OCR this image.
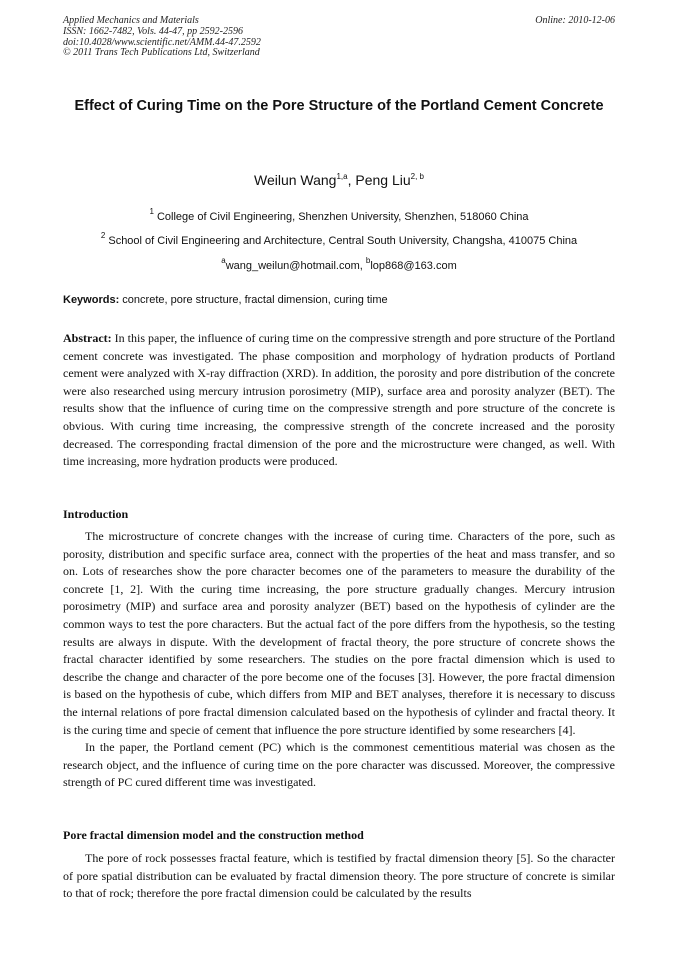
Applied Mechanics and Materials
ISSN: 1662-7482, Vols. 44-47, pp 2592-2596
doi:10.4028/www.scientific.net/AMM.44-47.2592
© 2011 Trans Tech Publications Ltd, Switzerland
Online: 2010-12-06
Effect of Curing Time on the Pore Structure of the Portland Cement Concrete
Weilun Wang$^{1,a}$, Peng Liu$^{2, b}$
$^1$ College of Civil Engineering, Shenzhen University, Shenzhen, 518060 China
$^2$ School of Civil Engineering and Architecture, Central South University, Changsha, 410075 China
$^a$wang_weilun@hotmail.com, $^b$lop868@163.com
Keywords: concrete, pore structure, fractal dimension, curing time

Abstract: In this paper, the influence of curing time on the compressive strength and pore structure of the Portland cement concrete was investigated. The phase composition and morphology of hydration products of Portland cement were analyzed with X-ray diffraction (XRD). In addition, the porosity and pore distribution of the concrete were also researched using mercury intrusion porosimetry (MIP), surface area and porosity analyzer (BET). The results show that the influence of curing time on the compressive strength and pore structure of the concrete is obvious. With curing time increasing, the compressive strength of the concrete increased and the porosity decreased. The corresponding fractal dimension of the pore and the microstructure were changed, as well. With time increasing, more hydration products were produced.

Introduction

The microstructure of concrete changes with the increase of curing time. Characters of the pore, such as porosity, distribution and specific surface area, connect with the properties of the heat and mass transfer, and so on. Lots of researches show the pore character becomes one of the parameters to measure the durability of the concrete [1, 2]. With the curing time increasing, the pore structure gradually changes. Mercury intrusion porosimetry (MIP) and surface area and porosity analyzer (BET) based on the hypothesis of cylinder are the common ways to test the pore characters. But the actual fact of the pore differs from the hypothesis, so the testing results are always in dispute. With the development of fractal theory, the pore structure of concrete shows the fractal character identified by some researchers. The studies on the pore fractal dimension which is used to describe the change and character of the pore become one of the focuses [3]. However, the pore fractal dimension is based on the hypothesis of cube, which differs from MIP and BET analyses, therefore it is necessary to discuss the internal relations of pore fractal dimension calculated based on the hypothesis of cylinder and fractal theory. It is the curing time and specie of cement that influence the pore structure identified by some researchers [4].

In the paper, the Portland cement (PC) which is the commonest cementitious material was chosen as the research object, and the influence of curing time on the pore character was discussed. Moreover, the compressive strength of PC cured different time was investigated.

Pore fractal dimension model and the construction method

The pore of rock possesses fractal feature, which is testified by fractal dimension theory [5]. So the character of pore spatial distribution can be evaluated by fractal dimension theory. The pore structure of concrete is similar to that of rock; therefore the pore fractal dimension could be calculated by the results
